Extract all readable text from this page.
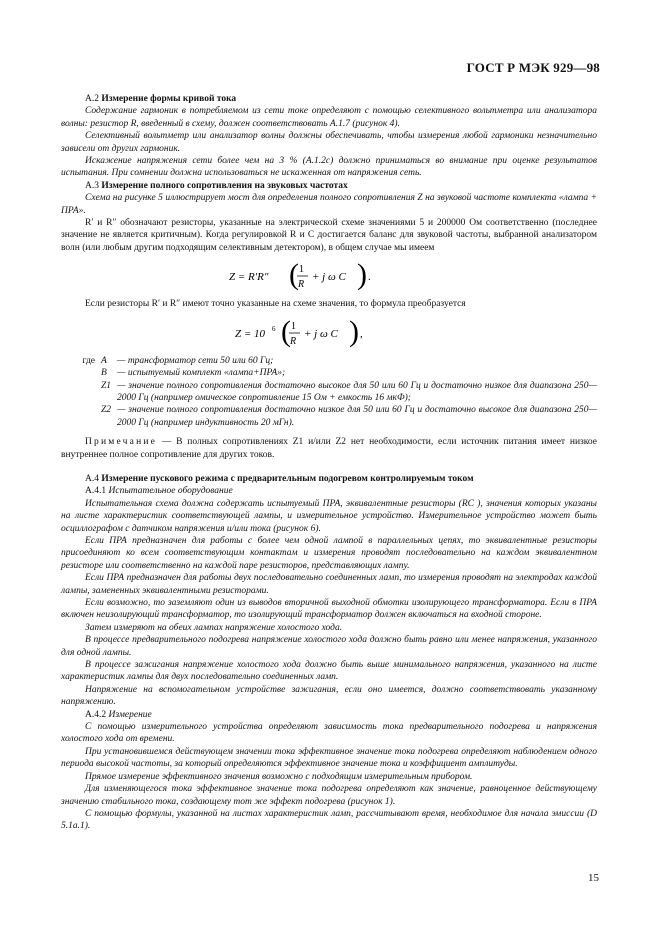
ГОСТ Р МЭК 929—98

А.2 Измерение формы кривой тока

Содержание гармоник в потребляемом из сети токе определяют с помощью селективного вольтметра или анализатора волны: резистор R, введенный в схему, должен соответствовать А.1.7 (рисунок 4).

Селективный вольтметр или анализатор волны должны обеспечивать, чтобы измерения любой гармоники незначительно зависели от других гармоник.

Искажение напряжения сети более чем на 3 % (А.1.2с) должно приниматься во внимание при оценке результатов испытания. При сомнении должна использоваться не искаженная от напряжения сеть.

А.3 Измерение полного сопротивления на звуковых частотах

Схема на рисунке 5 иллюстрирует мост для определения полного сопротивления Z на звуковой частоте комплекта «лампа + ПРА».

R′ и R″ обозначают резисторы, указанные на электрической схеме значениями 5 и 200000 Ом соответственно (последнее значение не является критичным). Когда регулировкой R и C достигается баланс для звуковой частоты, выбранной анализатором волн (или любым другим подходящим селективным детектором), в общем случае мы имеем

Z = R′R″ ( 1
R
+ j ω C ) .

Если резисторы R′ и R″ имеют точно указанные на схеме значения, то формула преобразуется

Z = 10 6 ( 1
R
+ j ω C ) ,
где A	— трансформатор сети 50 или 60 Гц;
B	— испытуемый комплект «лампа+ПРА»;
Z1 — значение полного сопротивления достаточно высокое для 50 или 60 Гц и достаточно низкое для диапазона 250—2000 Гц (например омическое сопротивление 15 Ом + емкость 16 мкФ);
Z2 — значение полного сопротивления достаточно низкое для 50 или 60 Гц и достаточно высокое для диапазона 250—2000 Гц (например индуктивность 20 мГн).

Примечание — В полных сопротивлениях Z1 и/или Z2 нет необходимости, если источник питания имеет низкое внутреннее полное сопротивление для других токов.

А.4 Измерение пускового режима с предварительным подогревом контролируемым током

А.4.1 Испытательное оборудование

Испытательная схема должна содержать испытуемый ПРА, эквивалентные резисторы (RC ), значения которых указаны на листе характеристик соответствующей лампы, и измерительное устройство. Измерительное устройство может быть осциллографом с датчиком напряжения и/или тока (рисунок 6).

Если ПРА предназначен для работы с более чем одной лампой в параллельных цепях, то эквивалентные резисторы присоединяют ко всем соответствующим контактам и измерения проводят последовательно на каждом эквивалентном резисторе или соответственно на каждой паре резисторов, представляющих лампу.

Если ПРА предназначен для работы двух последовательно соединенных ламп, то измерения проводят на электродах каждой лампы, замененных эквивалентными резисторами.

Если возможно, то заземляют один из выводов вторичной выходной обмотки изолирующего трансформатора. Если в ПРА включен неизолирующий трансформатор, то изолирующий трансформатор должен включаться на входной стороне.

Затем измеряют на обеих лампах напряжение холостого хода.

В процессе предварительного подогрева напряжение холостого хода должно быть равно или менее напряжения, указанного для одной лампы.

В процессе зажигания напряжение холостого хода должно быть выше минимального напряжения, указанного на листе характеристик лампы для двух последовательно соединенных ламп.

Напряжение на вспомогательном устройстве зажигания, если оно имеется, должно соответствовать указанному напряжению.

А.4.2 Измерение

С помощью измерительного устройства определяют зависимость тока предварительного подогрева и напряжения холостого хода от времени.

При установившемся действующем значении тока эффективное значение тока подогрева определяют наблюдением одного периода высокой частоты, за который определяются эффективное значение тока и коэффициент амплитуды.

Прямое измерение эффективного значения возможно с подходящим измерительным прибором.

Для изменяющегося тока эффективное значение тока подогрева определяют как значение, равноценное действующему значению стабильного тока, создающему тот же эффект подогрева (рисунок 1).

С помощью формулы, указанной на листах характеристик ламп, рассчитывают время, необходимое для начала эмиссии (D 5.1а.1).

15
